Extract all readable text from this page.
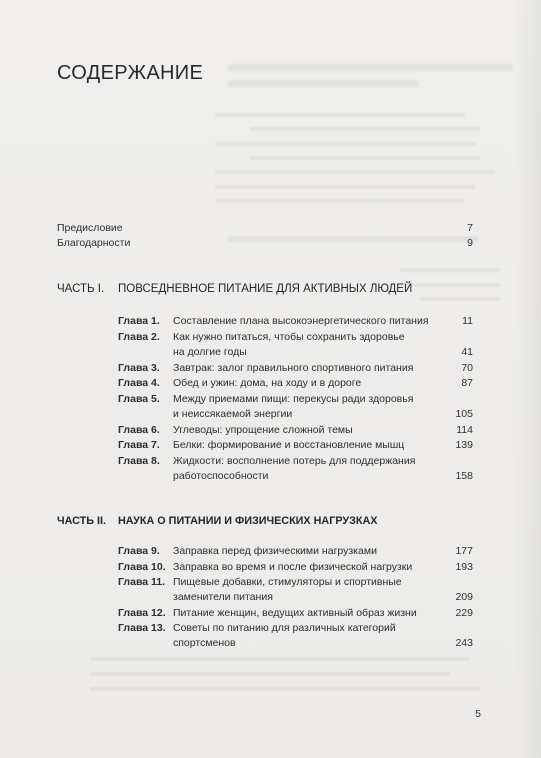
СОДЕРЖАНИЕ
Предисловие	7
Благодарности	9
ЧАСТЬ I. ПОВСЕДНЕВНОЕ ПИТАНИЕ ДЛЯ АКТИВНЫХ ЛЮДЕЙ
Глава 1. Составление плана высокоэнергетического питания	11
Глава 2. Как нужно питаться, чтобы сохранить здоровье
на долгие годы	41
Глава 3. Завтрак: залог правильного спортивного питания	70
Глава 4. Обед и ужин: дома, на ходу и в дороге	87
Глава 5. Между приемами пищи: перекусы ради здоровья
и неиссякаемой энергии	105
Глава 6. Углеводы: упрощение сложной темы	114
Глава 7. Белки: формирование и восстановление мышц	139
Глава 8. Жидкости: восполнение потерь для поддержания
работоспособности	158
ЧАСТЬ II. НАУКА О ПИТАНИИ И ФИЗИЧЕСКИХ НАГРУЗКАХ
Глава 9. Заправка перед физическими нагрузками	177
Глава 10. Заправка во время и после физической нагрузки	193
Глава 11. Пищевые добавки, стимуляторы и спортивные
заменители питания	209
Глава 12. Питание женщин, ведущих активный образ жизни	229
Глава 13. Советы по питанию для различных категорий
спортсменов	243
5
